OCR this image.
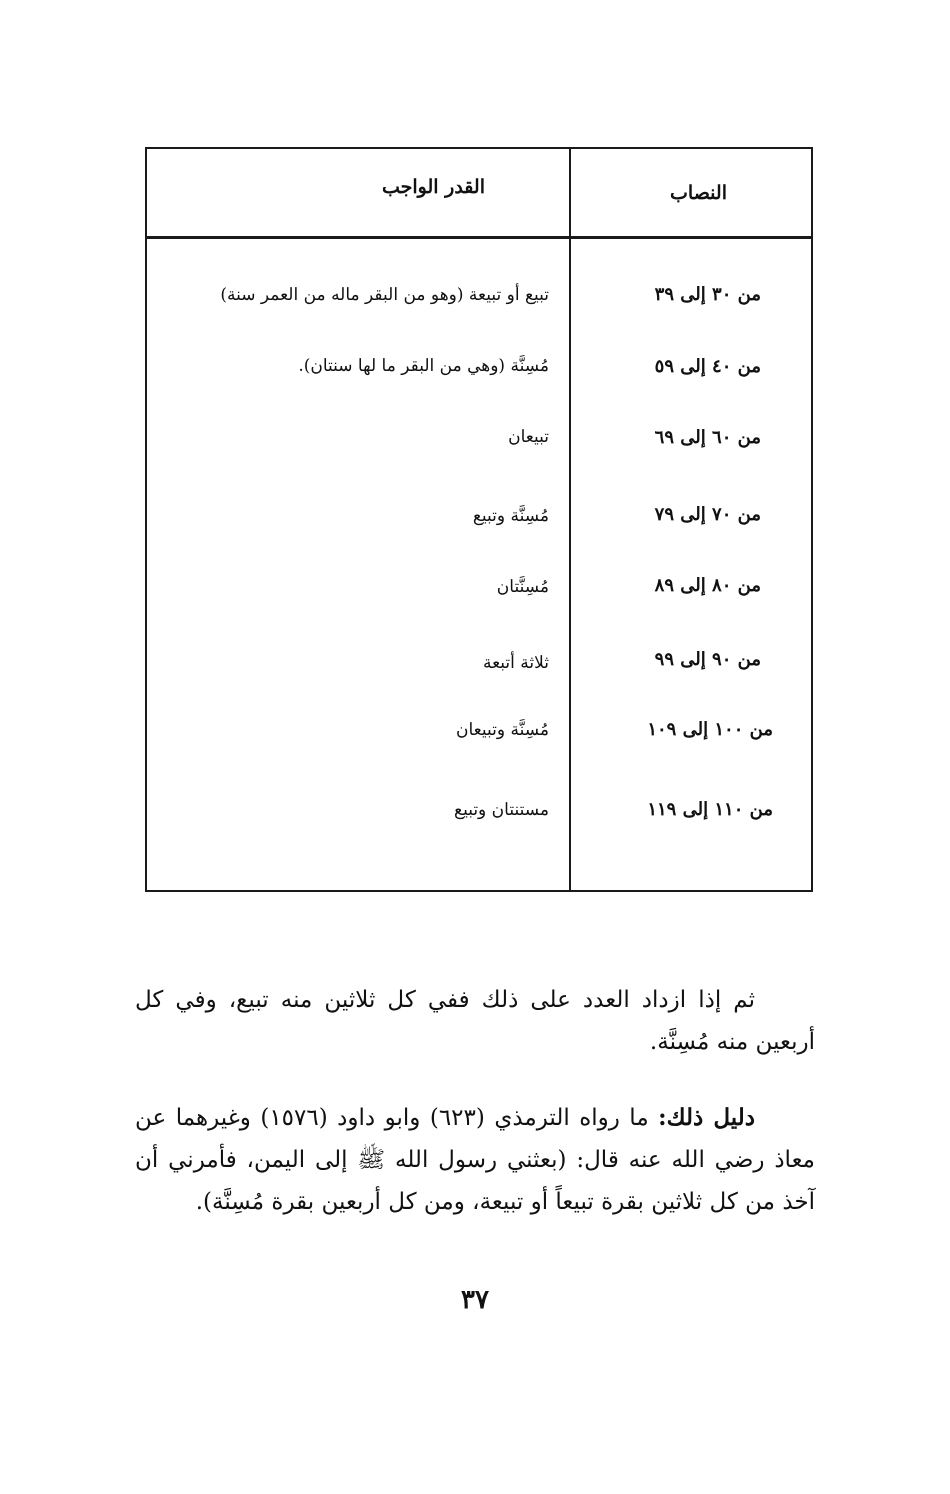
النصاب
القدر الواجب
من ٣٠ إلى ٣٩
تبيع أو تبيعة (وهو من البقر ماله من العمر سنة)
من ٤٠ إلى ٥٩
مُسِنَّة (وهي من البقر ما لها سنتان).
من ٦٠ إلى ٦٩
تبيعان
من ٧٠ إلى ٧٩
مُسِنَّة وتبيع
من ٨٠ إلى ٨٩
مُسِنَّتان
من ٩٠ إلى ٩٩
ثلاثة أتبعة
من ١٠٠ إلى ١٠٩
مُسِنَّة وتبيعان
من ١١٠ إلى ١١٩
مستنتان وتبيع
ثم إذا ازداد العدد على ذلك ففي كل ثلاثين منه تبيع، وفي كل أربعين منه مُسِنَّة.
دليل ذلك: ما رواه الترمذي (٦٢٣) وابو داود (١٥٧٦) وغيرهما عن معاذ رضي الله عنه قال: (بعثني رسول الله ﷺ إلى اليمن، فأمرني أن آخذ من كل ثلاثين بقرة تبيعاً أو تبيعة، ومن كل أربعين بقرة مُسِنَّة).
٣٧
